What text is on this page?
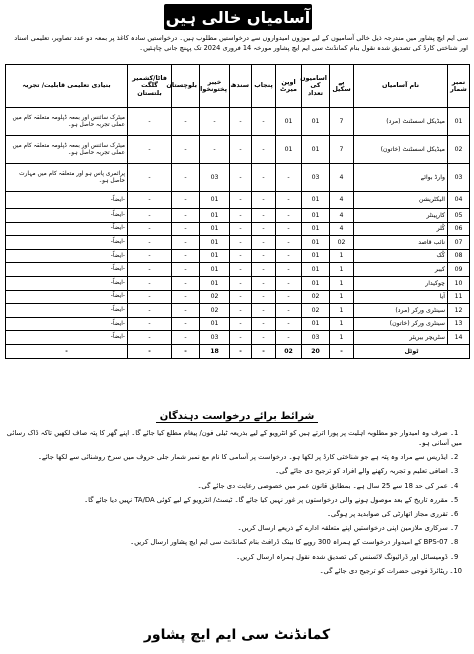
آسامیاں خالی ہیں
سی ایم ایچ پشاور میں مندرجہ ذیل خالی آسامیوں کے لیے موزوں امیدواروں سے درخواستیں مطلوب ہیں۔ درخواستیں سادہ کاغذ پر بمعہ دو عدد تصاویر، تعلیمی اسناد اور شناختی کارڈ کی تصدیق شدہ نقول بنام کمانڈنٹ سی ایم ایچ پشاور مورخہ 14 فروری 2024 تک پہنچ جانی چاہئیں۔
نمبر شمار	نام آسامیاں	پے سکیل	اسامیوں کی تعداد	اوپن میرٹ	پنجاب	سندھ	خیبر پختونخوا	بلوچستان	فاٹا/کشمیر گلگت بلتستان	بنیادی تعلیمی قابلیت/ تجربہ
01	میڈیکل اسسٹنٹ (مرد)	7	01	01	-	-	-	-	-	میٹرک سائنس اور بمعہ ڈپلومہ متعلقہ کام میں عملی تجربہ حاصل ہو۔
02	میڈیکل اسسٹنٹ (خاتون)	7	01	01	-	-	-	-	-	میٹرک سائنس اور بمعہ ڈپلومہ متعلقہ کام میں عملی تجربہ حاصل ہو۔
03	وارڈ بوائے	4	03	-	-	-	03	-	-	پرائمری پاس ہو اور متعلقہ کام میں مہارت حاصل ہو۔
04	الیکٹریشن	4	01	-	-	-	01	-	-	-ایضاً-
05	کارپینٹر	4	01	-	-	-	01	-	-	-ایضاً-
06	کُلر	4	01	-	-	-	01	-	-	-ایضاً-
07	نائب قاصد	02	01	-	-	-	01	-	-	-ایضاً-
08	کُک	1	01	-	-	-	01	-	-	-ایضاً-
09	کیبر	1	01	-	-	-	01	-	-	-ایضاً-
10	چوکیدار	1	01	-	-	-	01	-	-	-ایضاً-
11	آیا	1	02	-	-	-	02	-	-	-ایضاً-
12	سینٹری ورکر (مرد)	1	02	-	-	-	02	-	-	-ایضاً-
13	سینٹری ورکر (خاتون)	1	01	-	-	-	01	-	-	-ایضاً-
14	سٹریچر بیریئر	1	03	-	-	-	03	-	-	-ایضاً-
ٹوٹل		-	20	02	-	-	18	-	-	-
شرائط برائے درخواست دہندگان
1۔ صرف وہ امیدوار جو مطلوبہ اہلیت پر پورا اترتے ہیں کو انٹرویو کے لیے بذریعہ ٹیلی فون/ پیغام مطلع کیا جائے گا۔ اپنے گھر کا پتہ صاف لکھیں تاکہ ڈاک رسائی میں آسانی ہو۔
2۔ ایڈریس سے مراد وہ پتہ ہے جو شناختی کارڈ پر لکھا ہو۔ درخواست پر آسامی کا نام مع نمبر شمار جلی حروف میں سرخ روشنائی سے لکھا جائے۔
3۔ اضافی تعلیم و تجربہ رکھنے والے افراد کو ترجیح دی جائے گی۔
4۔ عمر کی حد 18 سے 25 سال ہے۔ بمطابق قانون عمر میں خصوصی رعایت دی جائے گی۔
5۔ مقررہ تاریخ کے بعد موصول ہونے والی درخواستوں پر غور نہیں کیا جائے گا۔ ٹیسٹ/ انٹرویو کے لیے کوئی TA/DA نہیں دیا جائے گا۔
6۔ تقرری مجاز اتھارٹی کی صوابدید پر ہوگی۔
7۔ سرکاری ملازمین اپنی درخواستیں اپنے متعلقہ ادارے کے ذریعے ارسال کریں۔
8۔ BPS-07 کے امیدوار درخواست کے ہمراہ 300 روپے کا بینک ڈرافٹ بنام کمانڈنٹ سی ایم ایچ پشاور ارسال کریں۔
9۔ ڈومیسائل اور ڈرائیونگ لائسنس کی تصدیق شدہ نقول ہمراہ ارسال کریں۔
10۔ ریٹائرڈ فوجی حضرات کو ترجیح دی جائے گی۔
کمانڈنٹ سی ایم ایچ پشاور
